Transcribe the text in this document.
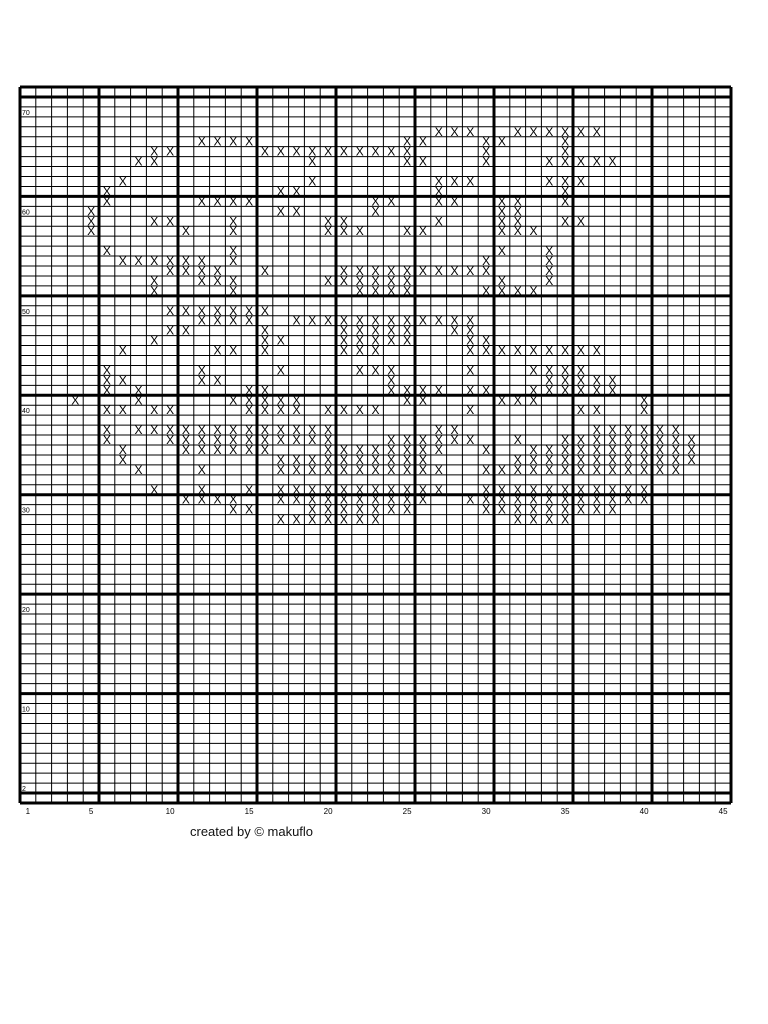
X X X	X X X X X X
X X X X	X X	X X	X
X X	X X X X X X X X X X	X	X
X X	X	X X	X	X X X X X
X	X	X X X	X X X
X	X X	X	X
X	X X X X	X X	X X	X X	X
X	X X	X	X X
X	X X	X	X X	X	X X	X X
X	X	X	X X X	X X	X X X
X	X	X	X
X X X X X X X	X	X
X X X X	X	X X X X X X X X X X	X
X	X X X	X X X X X X	X	X
X	X	X X X X	X X X X
X X X X X X X
X X X X	X X X X X X X X X X X X
X X	X	X X X X X	X X
X	X X	X X X X X	X X
X	X X X	X X X	X X X X X X X X X
X	X	X	X X X	X	X X X X
X X	X X	X	X X X X X
X X	X X	X X X X X X	X X X X X X
X	X	X X X X X	X X	X X X	X
X X X X	X X X X X X X X	X	X X	X
X X X X X X X X X X X X X X	X X	X X X X X X
X	X X X X X X X X X X X	X X X X X X	X	X X X X X X X X X
X	X X X X X X	X X X X X X X X	X	X X X X X X X X X X X
X	X X X X X X X X X X	X X X X X X X X X X X X
X	X	X X X X X X X X X X X	X X X X X X X X X X X X X
X	X	X X X X X X X X X X X X	X X X X X X X X X X X
X X X X	X X X X X X X X X X	X X X X X X X X X X X X
X X	X X X X X X X	X X X X X X X X X
X X X X X X X	X X X X
1	5	10	15	20	25	30	35	40	45
2
10
20
30
40
50
60
70
created by © makuflo
